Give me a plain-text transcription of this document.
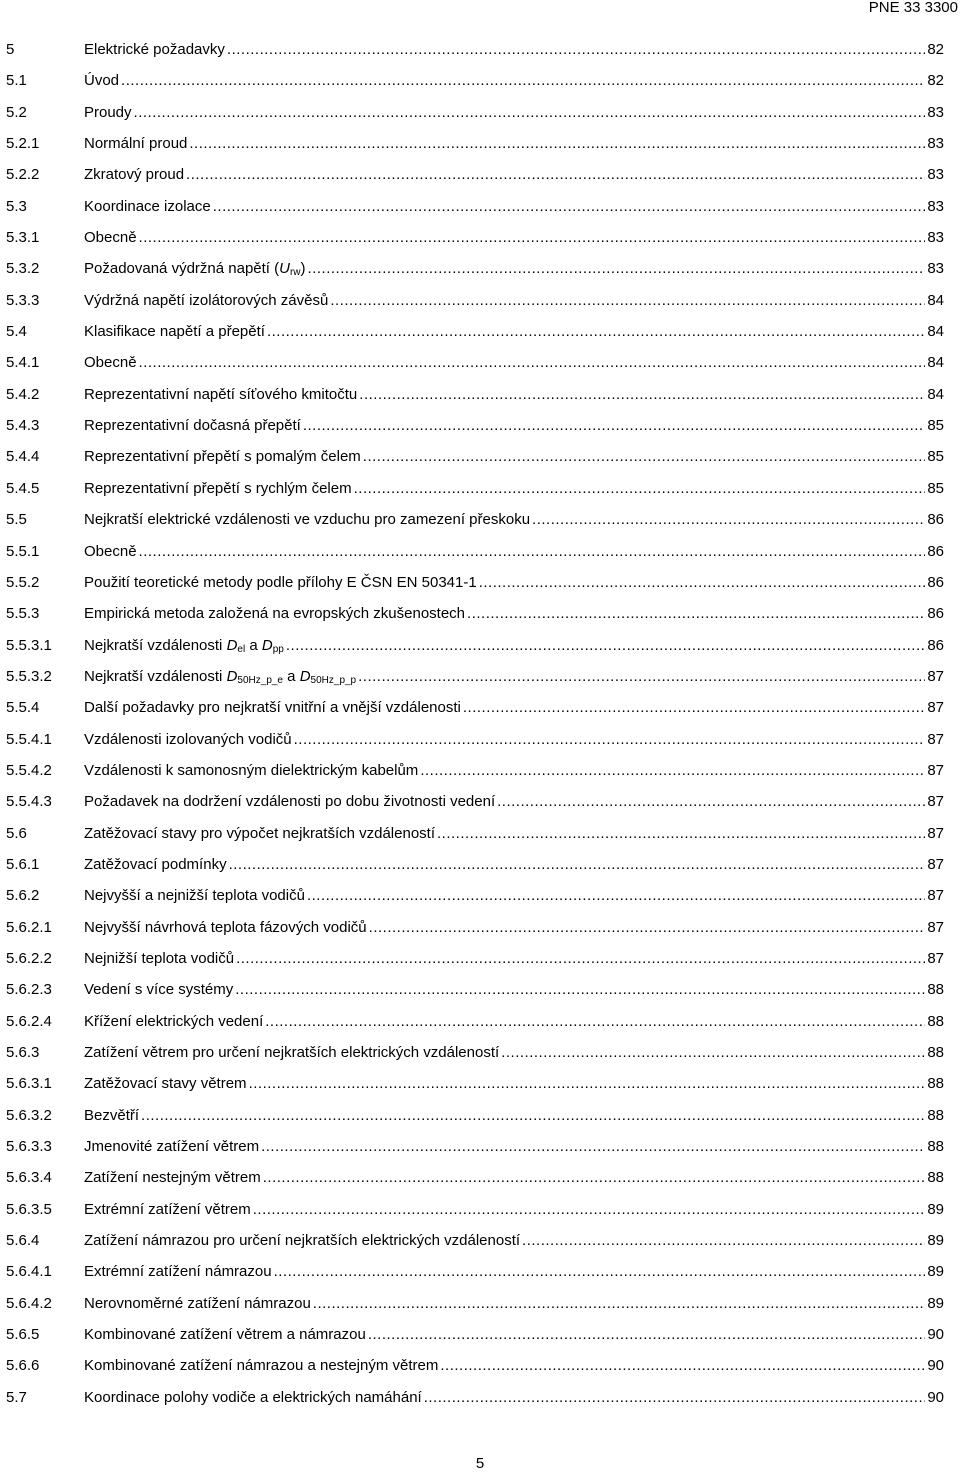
PNE 33 3300
5	Elektrické požadavky .....	82
5.1	Úvod .....	82
5.2	Proudy .....	83
5.2.1	Normální proud .....	83
5.2.2	Zkratový proud .....	83
5.3	Koordinace izolace .....	83
5.3.1	Obecně .....	83
5.3.2	Požadovaná výdržná napětí $(U_{rw})$ .....	83
5.3.3	Výdržná napětí izolátorových závěsů .....	84
5.4	Klasifikace napětí a přepětí .....	84
5.4.1	Obecně .....	84
5.4.2	Reprezentativní napětí síťového kmitočtu .....	84
5.4.3	Reprezentativní dočasná přepětí .....	85
5.4.4	Reprezentativní přepětí s pomalým čelem .....	85
5.4.5	Reprezentativní přepětí s rychlým čelem .....	85
5.5	Nejkratší elektrické vzdálenosti ve vzduchu pro zamezení přeskoku .....	86
5.5.1	Obecně .....	86
5.5.2	Použití teoretické metody podle přílohy E ČSN EN 50341-1 .....	86
5.5.3	Empirická metoda založená na evropských zkušenostech .....	86
5.5.3.1 Nejkratší vzdálenosti $D_{el}$ a $D_{pp}$ .....	86
5.5.3.2 Nejkratší vzdálenosti $D_{50Hz\_p\_e}$ a $D_{50Hz\_p\_p}$ .....	87
5.5.4	Další požadavky pro nejkratší vnitřní a vnější vzdálenosti .....	87
5.5.4.1 Vzdálenosti izolovaných vodičů .....	87
5.5.4.2 Vzdálenosti k samonosným dielektrickým kabelům .....	87
5.5.4.3 Požadavek na dodržení vzdálenosti po dobu životnosti vedení .....	87
5.6	Zatěžovací stavy pro výpočet nejkratších vzdáleností .....	87
5.6.1	Zatěžovací podmínky .....	87
5.6.2	Nejvyšší a nejnižší teplota vodičů .....	87
5.6.2.1 Nejvyšší návrhová teplota fázových vodičů .....	87
5.6.2.2 Nejnižší teplota vodičů .....	87
5.6.2.3 Vedení s více systémy .....	88
5.6.2.4 Křížení elektrických vedení .....	88
5.6.3	Zatížení větrem pro určení nejkratších elektrických vzdáleností .....	88
5.6.3.1 Zatěžovací stavy větrem .....	88
5.6.3.2 Bezvětří .....	88
5.6.3.3 Jmenovité zatížení větrem .....	88
5.6.3.4 Zatížení nestejným větrem .....	88
5.6.3.5 Extrémní zatížení větrem .....	89
5.6.4	Zatížení námrazou pro určení nejkratších elektrických vzdáleností .....	89
5.6.4.1 Extrémní zatížení námrazou .....	89
5.6.4.2 Nerovnoměrné zatížení námrazou .....	89
5.6.5	Kombinované zatížení větrem a námrazou .....	90
5.6.6	Kombinované zatížení námrazou a nestejným větrem .....	90
5.7	Koordinace polohy vodiče a elektrických namáhání .....	90
5
